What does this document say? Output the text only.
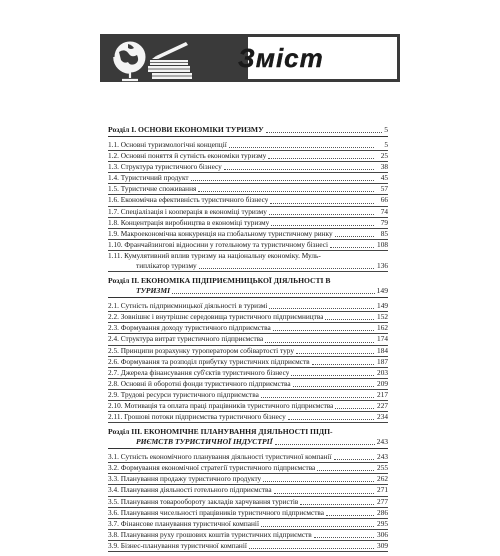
Зміст
Розділ I. ОСНОВИ ЕКОНОМІКИ ТУРИЗМУ	5
1.1. Основні туризмологічні концепції	5
1.2. Основні поняття й сутність економіки туризму	25
1.3. Структура туристичного бізнесу	38
1.4. Туристичний продукт	45
1.5. Туристичне споживання	57
1.6. Економічна ефективність туристичного бізнесу	66
1.7. Спеціалізація і кооперація в економіці туризму	74
1.8. Концентрація виробництва в економіці туризму	79
1.9. Макроекономічна конкуренція на глобальному туристичному ринку	85
1.10. Франчайзингові відносини у готельному та туристичному бізнесі	108
1.11. Кумулятивний вплив туризму на національну економіку. Муль-
типлікатор туризму	136
Розділ II. ЕКОНОМІКА ПІДПРИЄМНИЦЬКОЇ ДІЯЛЬНОСТІ В
ТУРИЗМІ	149
2.1. Сутність підприємницької діяльності в туризмі	149
2.2. Зовнішнє і внутрішнє середовища туристичного підприємництва	152
2.3. Формування доходу туристичного підприємства	162
2.4. Структура витрат туристичного підприємства	174
2.5. Принципи розрахунку туроператором собівартості туру	184
2.6. Формування та розподіл прибутку туристичних підприємств	187
2.7. Джерела фінансування суб'єктів туристичного бізнесу	203
2.8. Основні й оборотні фонди туристичного підприємства	209
2.9. Трудові ресурси туристичного підприємства	217
2.10. Мотивація та оплата праці працівників туристичного підприємства	227
2.11. Грошові потоки підприємства туристичного бізнесу	234
Розділ III. ЕКОНОМІЧНЕ ПЛАНУВАННЯ ДІЯЛЬНОСТІ ПІДП-
РИЄМСТВ ТУРИСТИЧНОЇ ІНДУСТРІЇ	243
3.1. Сутність економічного планування діяльності туристичної компанії	243
3.2. Формування економічної стратегії туристичного підприємства	255
3.3. Планування продажу туристичного продукту	262
3.4. Планування діяльності готельного підприємства	271
3.5. Планування товарообороту закладів харчування туристів	277
3.6. Планування чисельності працівників туристичного підприємства	286
3.7. Фінансове планування туристичної компанії	295
3.8. Планування руху грошових коштів туристичних підприємств	306
3.9. Бізнес-планування туристичної компанії	309
